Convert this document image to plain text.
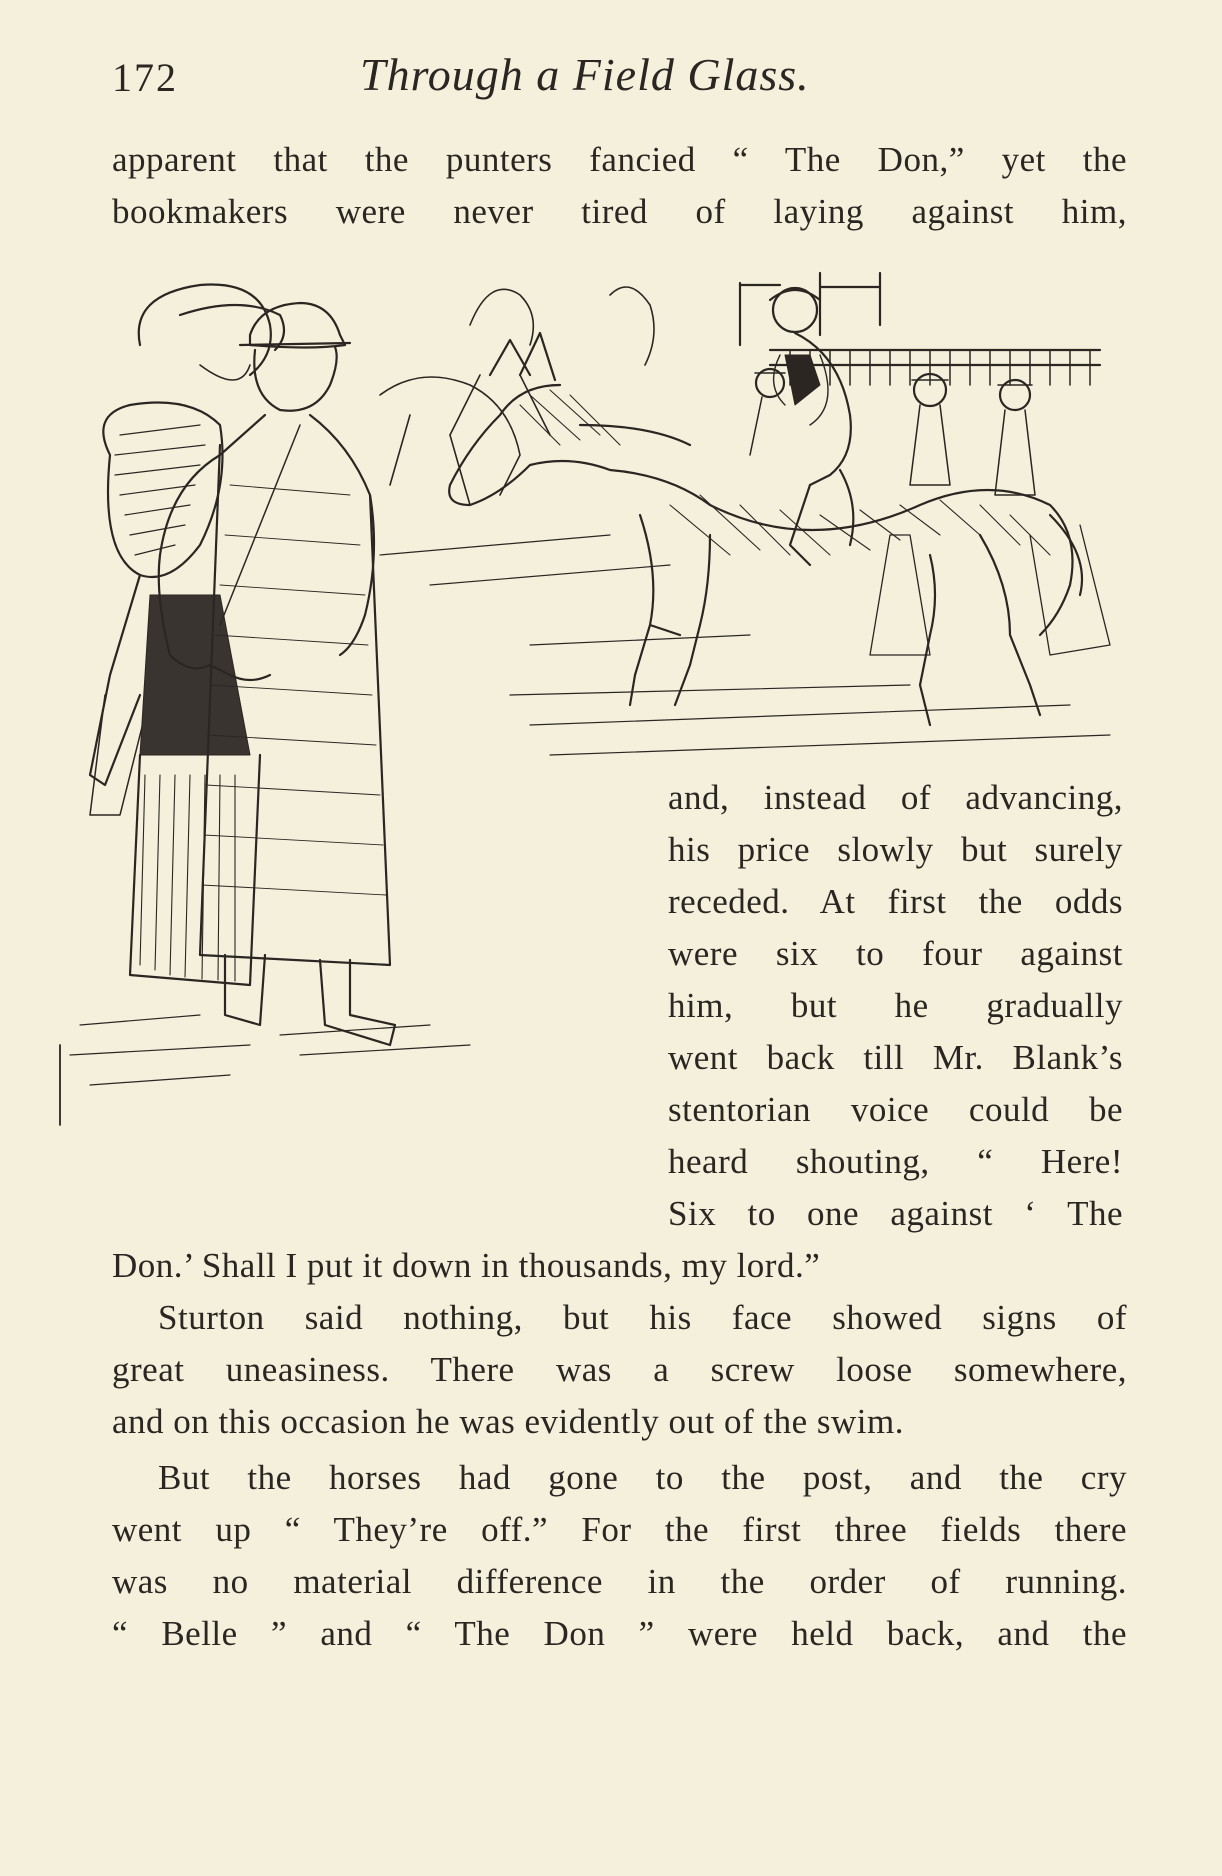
172	Through a Field Glass.
apparent that the punters fancied “ The Don,” yet the
bookmakers were never tired of laying against him,
and, instead of advancing,
his price slowly but surely
receded. At first the odds
were six to four against
him, but he gradually
went back till Mr. Blank’s
stentorian voice could be
heard shouting, “ Here!
Six to one against ‘ The
Don.’ Shall I put it down in thousands, my lord.”
Sturton said nothing, but his face showed signs of
great uneasiness. There was a screw loose somewhere,
and on this occasion he was evidently out of the swim.
But the horses had gone to the post, and the cry
went up “ They’re off.” For the first three fields there
was no material difference in the order of running.
“ Belle ” and “ The Don ” were held back, and the
